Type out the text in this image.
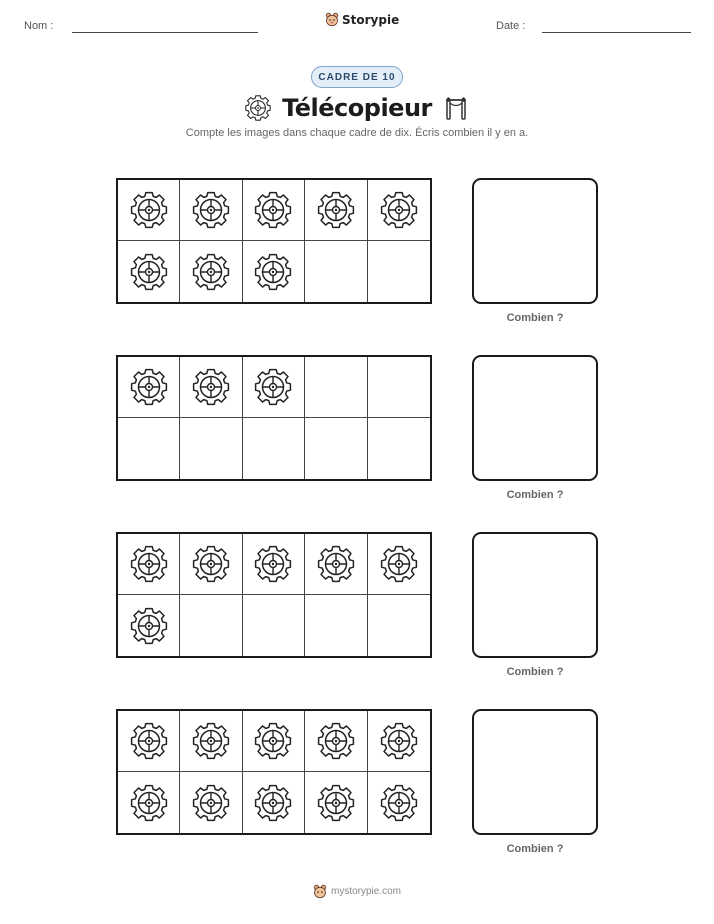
Nom :	Storypie	Date :
CADRE DE 10
Télécopieur
Compte les images dans chaque cadre de dix. Écris combien il y en a.
Combien ?
Combien ?
Combien ?
Combien ?
mystorypie.com
